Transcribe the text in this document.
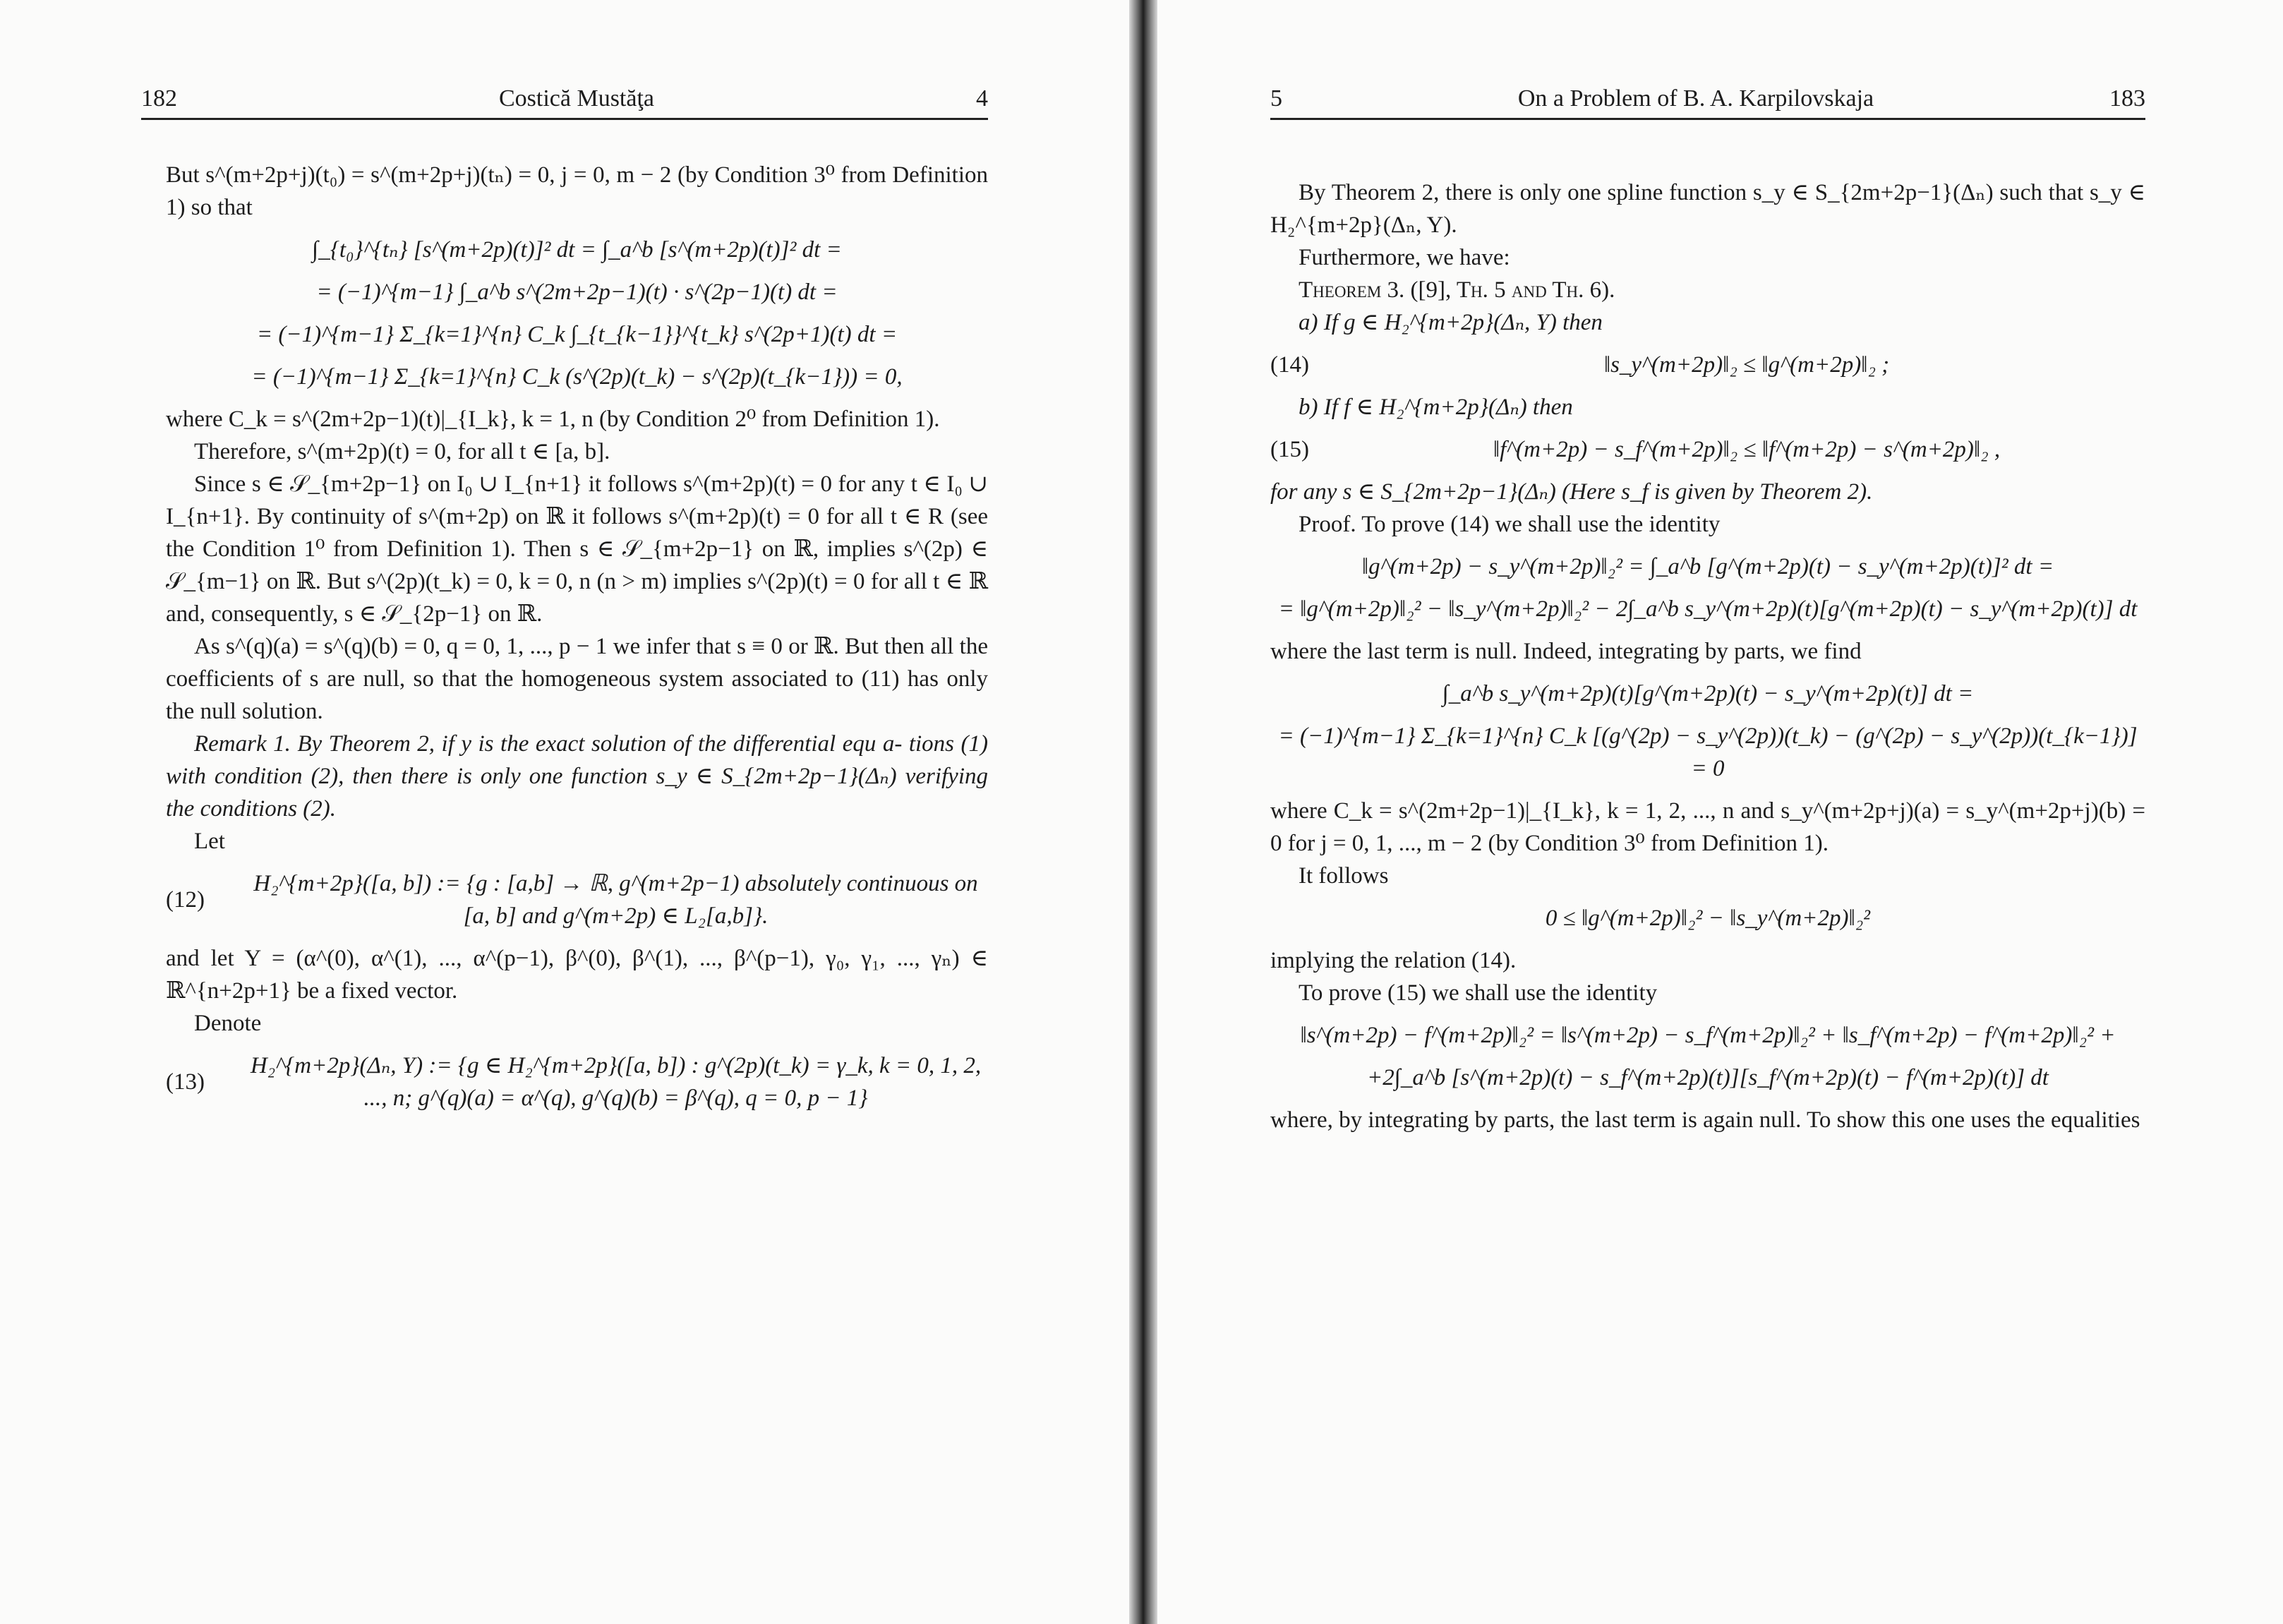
182	Costică Mustăţa	4
But s^(m+2p+j)(t₀) = s^(m+2p+j)(tₙ) = 0, j = 0, m − 2 (by Condition 3⁰ from Definition 1) so that
∫_{t₀}^{tₙ} [s^(m+2p)(t)]² dt = ∫_a^b [s^(m+2p)(t)]² dt =
= (−1)^{m−1} ∫_a^b s^(2m+2p−1)(t) · s^(2p−1)(t) dt =
= (−1)^{m−1} Σ_{k=1}^{n} C_k ∫_{t_{k−1}}^{t_k} s^(2p+1)(t) dt =
= (−1)^{m−1} Σ_{k=1}^{n} C_k (s^(2p)(t_k) − s^(2p)(t_{k−1})) = 0,
where C_k = s^(2m+2p−1)(t)|_{I_k}, k = 1, n (by Condition 2⁰ from Definition 1).
Therefore, s^(m+2p)(t) = 0, for all t ∈ [a, b].
Since s ∈ 𝒮_{m+2p−1} on I₀ ∪ I_{n+1} it follows s^(m+2p)(t) = 0 for any t ∈ I₀ ∪ I_{n+1}. By continuity of s^(m+2p) on ℝ it follows s^(m+2p)(t) = 0 for all t ∈ R (see the Condition 1⁰ from Definition 1). Then s ∈ 𝒮_{m+2p−1} on ℝ, implies s^(2p) ∈ 𝒮_{m−1} on ℝ. But s^(2p)(t_k) = 0, k = 0, n (n > m) implies s^(2p)(t) = 0 for all t ∈ ℝ and, consequently, s ∈ 𝒮_{2p−1} on ℝ.
As s^(q)(a) = s^(q)(b) = 0, q = 0, 1, ..., p − 1 we infer that s ≡ 0 or ℝ. But then all the coefficients of s are null, so that the homogeneous system associated to (11) has only the null solution.
Remark 1. By Theorem 2, if y is the exact solution of the differential equ a- tions (1) with condition (2), then there is only one function s_y ∈ S_{2m+2p−1}(Δₙ) verifying the conditions (2).
Let
(12)
H₂^{m+2p}([a, b]) := {g : [a,b] → ℝ, g^(m+2p−1) absolutely continuous on [a, b] and g^(m+2p) ∈ L₂[a,b]}.
and let Y = (α^(0), α^(1), ..., α^(p−1), β^(0), β^(1), ..., β^(p−1), γ₀, γ₁, ..., γₙ) ∈ ℝ^{n+2p+1} be a fixed vector.
Denote
(13)
H₂^{m+2p}(Δₙ, Y) := {g ∈ H₂^{m+2p}([a, b]) : g^(2p)(t_k) = γ_k, k = 0, 1, 2, ..., n; g^(q)(a) = α^(q), g^(q)(b) = β^(q), q = 0, p − 1}
5	On a Problem of B. A. Karpilovskaja	183
By Theorem 2, there is only one spline function s_y ∈ S_{2m+2p−1}(Δₙ) such that s_y ∈ H₂^{m+2p}(Δₙ, Y).
Furthermore, we have:
Theorem 3. ([9], Th. 5 and Th. 6).
a) If g ∈ H₂^{m+2p}(Δₙ, Y) then
(14)	‖s_y^(m+2p)‖₂ ≤ ‖g^(m+2p)‖₂ ;
b) If f ∈ H₂^{m+2p}(Δₙ) then
(15)	‖f^(m+2p) − s_f^(m+2p)‖₂ ≤ ‖f^(m+2p) − s^(m+2p)‖₂ ,
for any s ∈ S_{2m+2p−1}(Δₙ) (Here s_f is given by Theorem 2).
Proof. To prove (14) we shall use the identity
‖g^(m+2p) − s_y^(m+2p)‖₂² = ∫_a^b [g^(m+2p)(t) − s_y^(m+2p)(t)]² dt =
= ‖g^(m+2p)‖₂² − ‖s_y^(m+2p)‖₂² − 2∫_a^b s_y^(m+2p)(t)[g^(m+2p)(t) − s_y^(m+2p)(t)] dt
where the last term is null. Indeed, integrating by parts, we find
∫_a^b s_y^(m+2p)(t)[g^(m+2p)(t) − s_y^(m+2p)(t)] dt =
= (−1)^{m−1} Σ_{k=1}^{n} C_k [(g^(2p) − s_y^(2p))(t_k) − (g^(2p) − s_y^(2p))(t_{k−1})] = 0
where C_k = s^(2m+2p−1)|_{I_k}, k = 1, 2, ..., n and s_y^(m+2p+j)(a) = s_y^(m+2p+j)(b) = 0 for j = 0, 1, ..., m − 2 (by Condition 3⁰ from Definition 1).
It follows
0 ≤ ‖g^(m+2p)‖₂² − ‖s_y^(m+2p)‖₂²
implying the relation (14).
To prove (15) we shall use the identity
‖s^(m+2p) − f^(m+2p)‖₂² = ‖s^(m+2p) − s_f^(m+2p)‖₂² + ‖s_f^(m+2p) − f^(m+2p)‖₂² +
+2∫_a^b [s^(m+2p)(t) − s_f^(m+2p)(t)][s_f^(m+2p)(t) − f^(m+2p)(t)] dt
where, by integrating by parts, the last term is again null. To show this one uses the equalities
